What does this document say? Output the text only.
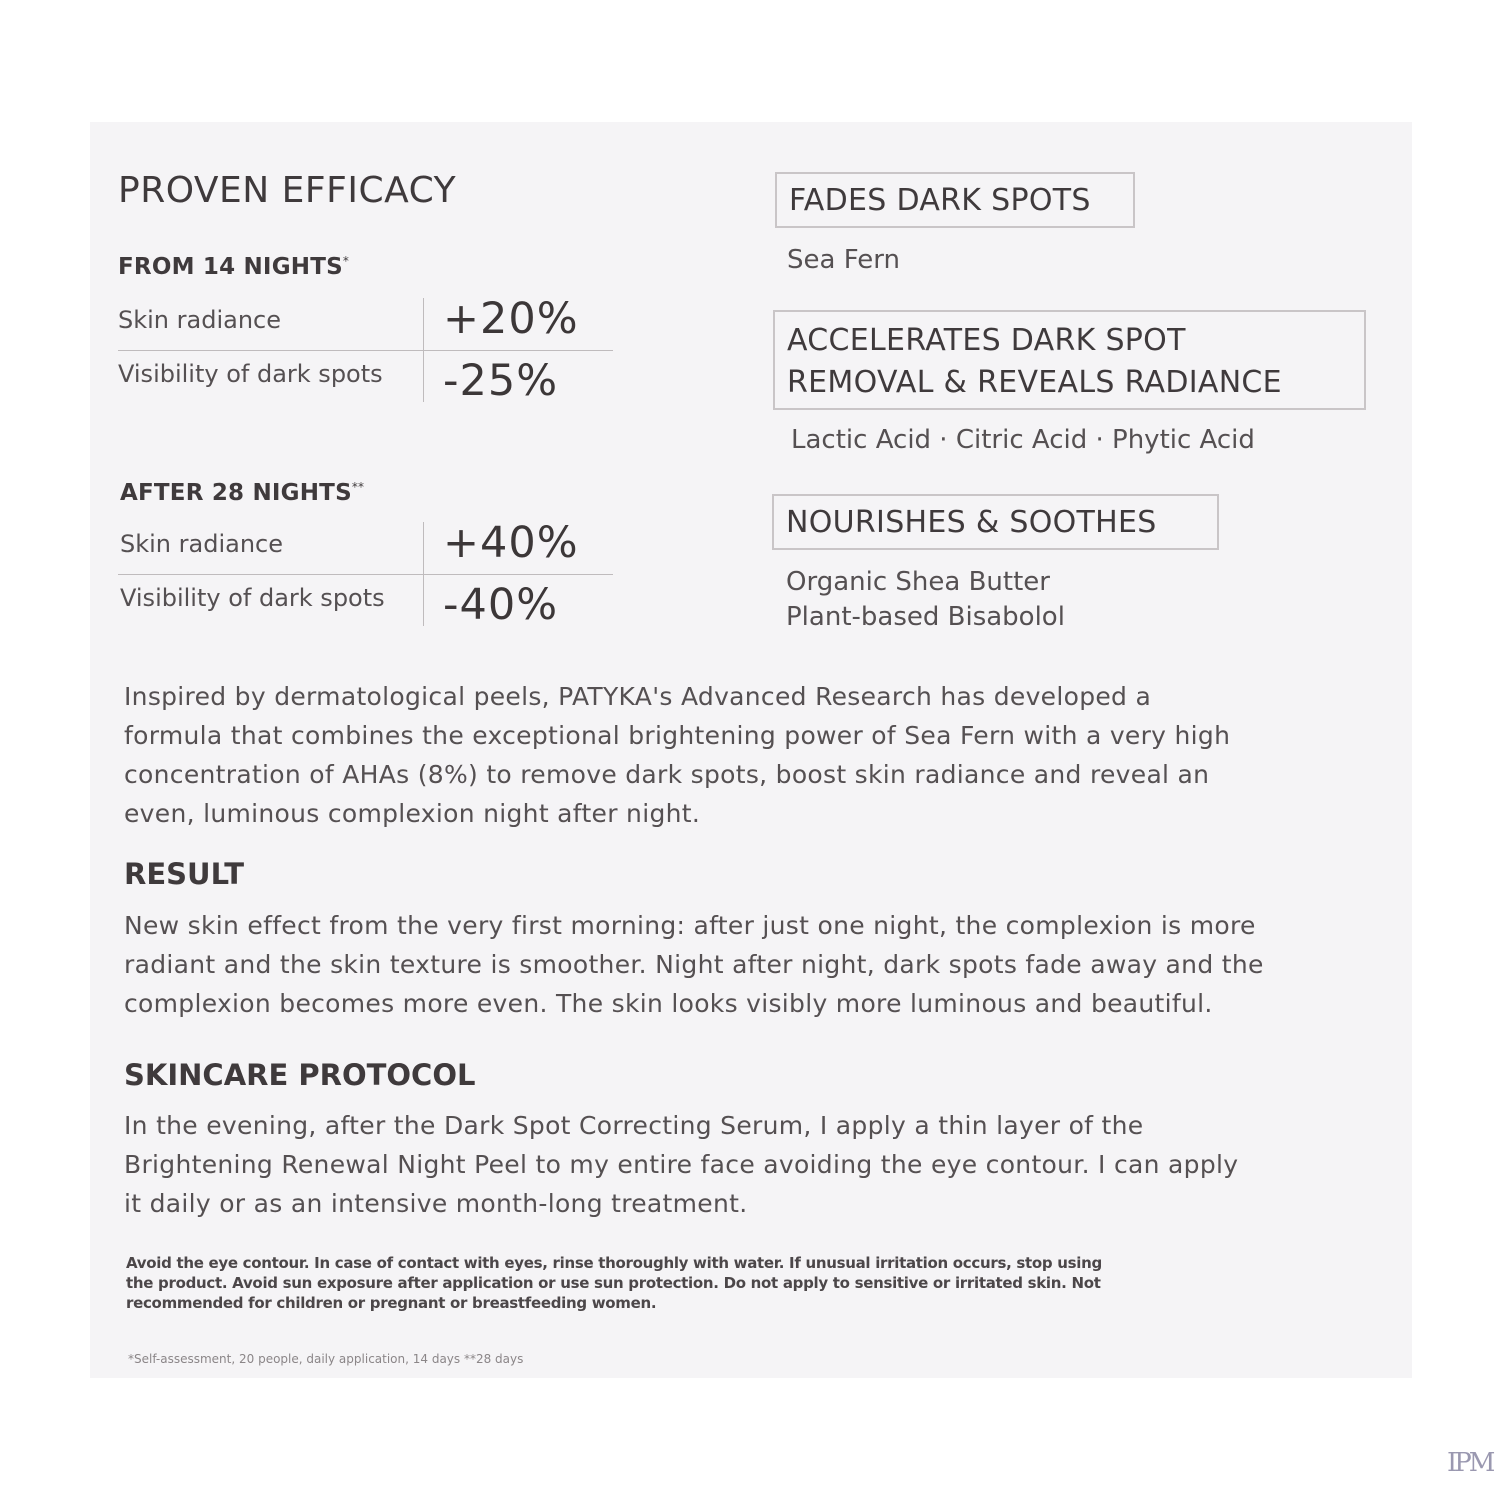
PROVEN EFFICACY
FROM 14 NIGHTS*
Skin radiance	+20%
Visibility of dark spots -25%
AFTER 28 NIGHTS**
Skin radiance	+40%
Visibility of dark spots -40%
FADES DARK SPOTS
Sea Fern
ACCELERATES DARK SPOT
REMOVAL & REVEALS RADIANCE
Lactic Acid · Citric Acid · Phytic Acid
NOURISHES & SOOTHES
Organic Shea Butter
Plant-based Bisabolol
Inspired by dermatological peels, PATYKA's Advanced Research has developed a
formula that combines the exceptional brightening power of Sea Fern with a very high
concentration of AHAs (8%) to remove dark spots, boost skin radiance and reveal an
even, luminous complexion night after night.
RESULT
New skin effect from the very first morning: after just one night, the complexion is more
radiant and the skin texture is smoother. Night after night, dark spots fade away and the
complexion becomes more even. The skin looks visibly more luminous and beautiful.
SKINCARE PROTOCOL
In the evening, after the Dark Spot Correcting Serum, I apply a thin layer of the
Brightening Renewal Night Peel to my entire face avoiding the eye contour. I can apply
it daily or as an intensive month-long treatment.
Avoid the eye contour. In case of contact with eyes, rinse thoroughly with water. If unusual irritation occurs, stop using
the product. Avoid sun exposure after application or use sun protection. Do not apply to sensitive or irritated skin. Not
recommended for children or pregnant or breastfeeding women.
*Self-assessment, 20 people, daily application, 14 days **28 days
IPM
